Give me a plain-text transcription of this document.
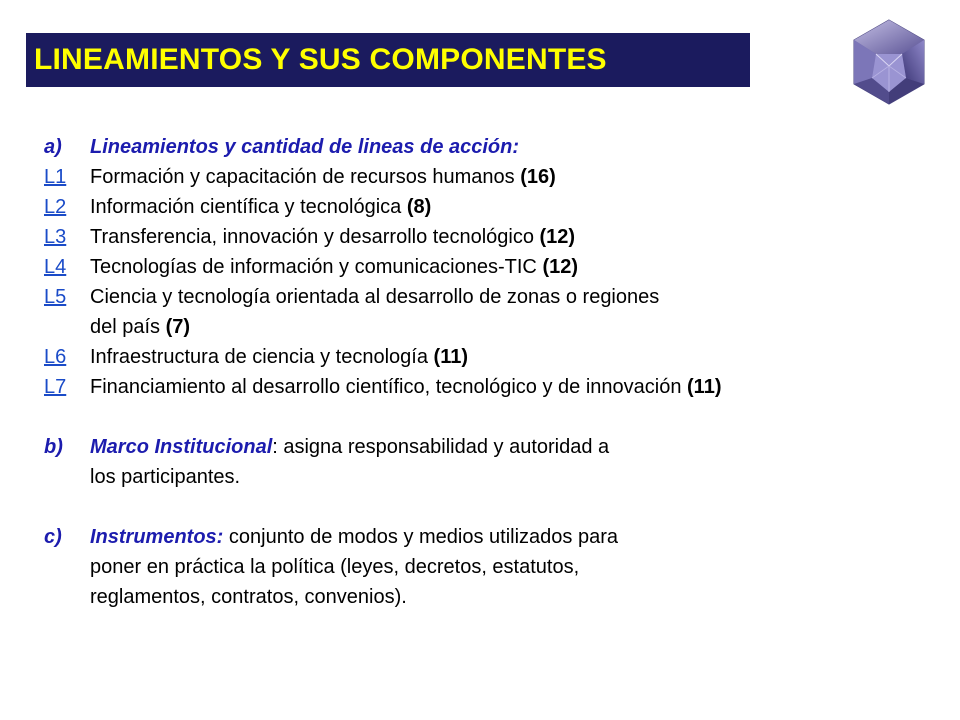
LINEAMIENTOS Y SUS COMPONENTES
a)	Lineamientos y cantidad de lineas de acción:
L1	Formación y capacitación de recursos humanos (16)
L2	Información científica y tecnológica (8)
L3	Transferencia, innovación y desarrollo tecnológico (12)
L4	Tecnologías de información y comunicaciones-TIC (12)
L5	Ciencia y tecnología orientada al desarrollo de zonas o regiones
del país (7)
L6	Infraestructura de ciencia y tecnología (11)
L7	Financiamiento al desarrollo científico, tecnológico y de innovación (11)
b)	Marco Institucional: asigna responsabilidad y autoridad a
los participantes.
c)	Instrumentos: conjunto de modos y medios utilizados para
poner en práctica la política (leyes, decretos, estatutos,
reglamentos, contratos, convenios).
